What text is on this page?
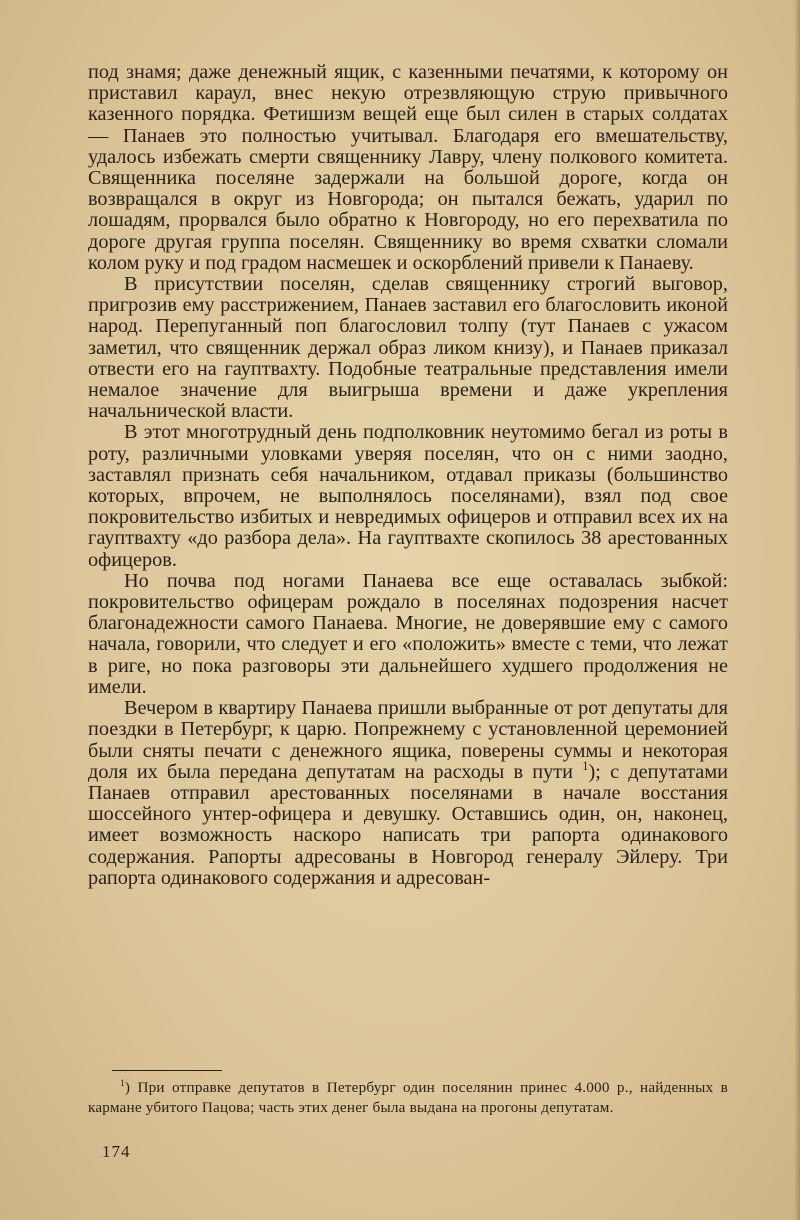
под знамя; даже денежный ящик, с казенными печатями, к которому он приставил караул, внес некую отрезвляющую струю привычного казенного порядка. Фетишизм вещей еще был силен в старых солдатах — Панаев это полностью учитывал. Благодаря его вмешательству, удалось избежать смерти священнику Лавру, члену полкового комитета. Священника поселяне задержали на большой дороге, когда он возвращался в округ из Новгорода; он пытался бежать, ударил по лошадям, прорвался было обратно к Новгороду, но его перехватила по дороге другая группа поселян. Священнику во время схватки сломали колом руку и под градом насмешек и оскорблений привели к Панаеву.

В присутствии поселян, сделав священнику строгий выговор, пригрозив ему расстрижением, Панаев заставил его благословить иконой народ. Перепуганный поп благословил толпу (тут Панаев с ужасом заметил, что священник держал образ ликом книзу), и Панаев приказал отвести его на гауптвахту. Подобные театральные представления имели немалое значение для выигрыша времени и даже укрепления начальнической власти.

В этот многотрудный день подполковник неутомимо бегал из роты в роту, различными уловками уверяя поселян, что он с ними заодно, заставлял признать себя начальником, отдавал приказы (большинство которых, впрочем, не выполнялось поселянами), взял под свое покровительство избитых и невредимых офицеров и отправил всех их на гауптвахту «до разбора дела». На гауптвахте скопилось 38 арестованных офицеров.

Но почва под ногами Панаева все еще оставалась зыбкой: покровительство офицерам рождало в поселянах подозрения насчет благонадежности самого Панаева. Многие, не доверявшие ему с самого начала, говорили, что следует и его «положить» вместе с теми, что лежат в риге, но пока разговоры эти дальнейшего худшего продолжения не имели.

Вечером в квартиру Панаева пришли выбранные от рот депутаты для поездки в Петербург, к царю. Попрежнему с установленной церемонией были сняты печати с денежного ящика, поверены суммы и некоторая доля их была передана депутатам на расходы в пути $^1$); с депутатами Панаев отправил арестованных поселянами в начале восстания шоссейного унтер-офицера и девушку. Оставшись один, он, наконец, имеет возможность наскоро написать три рапорта одинакового содержания. Рапорты адресованы в Новгород генералу Эйлеру. Три рапорта одинакового содержания и адресован-

$^1$) При отправке депутатов в Петербург один поселянин принес 4.000 р., найденных в кармане убитого Пацова; часть этих денег была выдана на прогоны депутатам.

174
